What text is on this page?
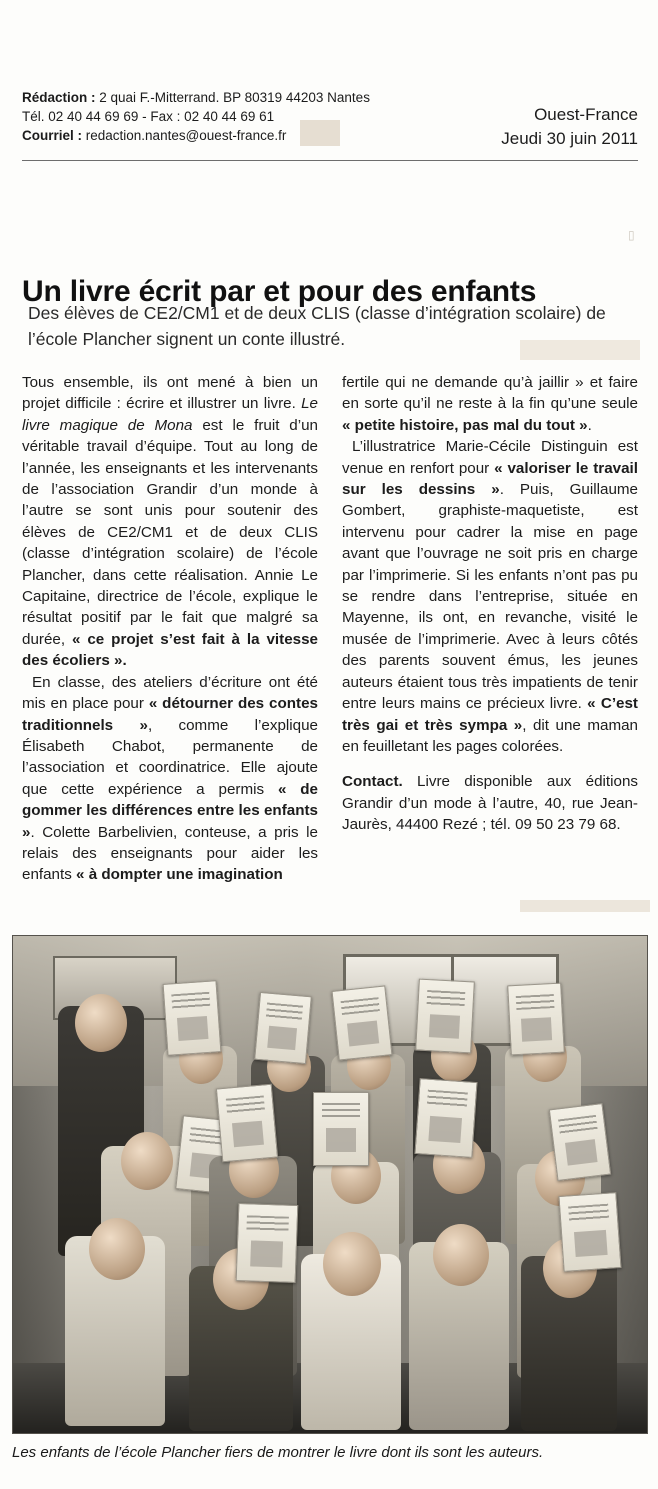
▯
Rédaction : 2 quai F.-Mitterrand. BP 80319 44203 Nantes
Tél. 02 40 44 69 69 - Fax : 02 40 44 69 61
Courriel : redaction.nantes@ouest-france.fr
Ouest-France
Jeudi 30 juin 2011
Un livre écrit par et pour des enfants
Des élèves de CE2/CM1 et de deux CLIS (classe d’intégration scolaire) de l’école Plancher signent un conte illustré.

Tous ensemble, ils ont mené à bien un projet difficile : écrire et illustrer un livre. Le livre magique de Mona est le fruit d’un véritable travail d’équipe. Tout au long de l’année, les enseignants et les intervenants de l’association Grandir d’un monde à l’autre se sont unis pour soutenir des élèves de CE2/CM1 et de deux CLIS (classe d’intégration scolaire) de l’école Plancher, dans cette réalisation. Annie Le Capitaine, directrice de l’école, explique le résultat positif par le fait que malgré sa durée, « ce projet s’est fait à la vitesse des écoliers ».

En classe, des ateliers d’écriture ont été mis en place pour « détourner des contes traditionnels », comme l’explique Élisabeth Chabot, permanente de l’association et coordinatrice. Elle ajoute que cette expérience a permis « de gommer les différences entre les enfants ». Colette Barbelivien, conteuse, a pris le relais des enseignants pour aider les enfants « à dompter une imagination

fertile qui ne demande qu’à jaillir » et faire en sorte qu’il ne reste à la fin qu’une seule « petite histoire, pas mal du tout ».

L’illustratrice Marie-Cécile Distinguin est venue en renfort pour « valoriser le travail sur les dessins ». Puis, Guillaume Gombert, graphiste-maquetiste, est intervenu pour cadrer la mise en page avant que l’ouvrage ne soit pris en charge par l’imprimerie. Si les enfants n’ont pas pu se rendre dans l’entreprise, située en Mayenne, ils ont, en revanche, visité le musée de l’imprimerie. Avec à leurs côtés des parents souvent émus, les jeunes auteurs étaient tous très impatients de tenir entre leurs mains ce précieux livre. « C’est très gai et très sympa », dit une maman en feuilletant les pages colorées.

Contact. Livre disponible aux éditions Grandir d’un mode à l’autre, 40, rue Jean-Jaurès, 44400 Rezé ; tél. 09 50 23 79 68.

Les enfants de l’école Plancher fiers de montrer le livre dont ils sont les auteurs.
